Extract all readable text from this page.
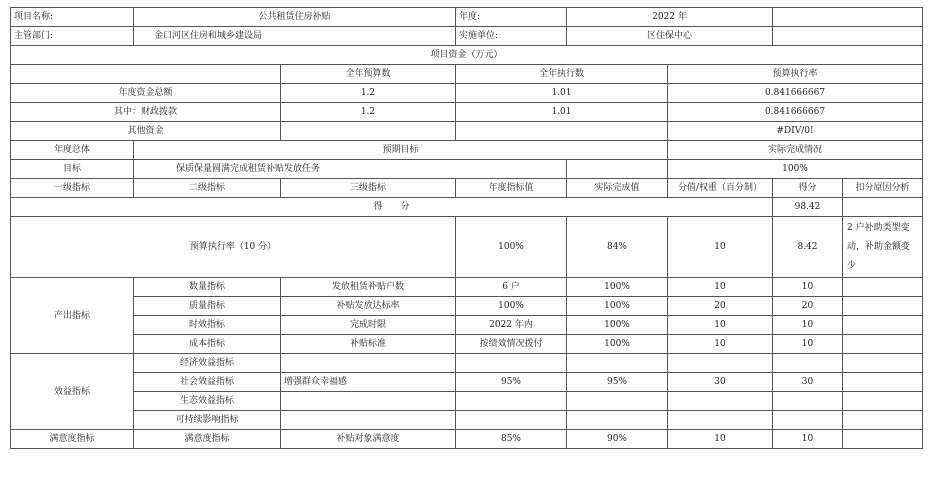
项目名称:	公共租赁住房补贴		年度:	2022 年			
主管部门:	金口河区住房和城乡建设局		实施单位:	区住保中心			
项目资金（万元）							
		全年预算数	全年执行数		预算执行率		
年度资金总额		1.2	1.01		0.841666667		
其中：财政拨款		1.2	1.01		0.841666667		
其他资金					#DIV/0!		
年度总体	预期目标				实际完成情况		
目标	保质保量圆满完成租赁补贴发放任务				100%		
一级指标	二级指标	三级指标	年度指标值	实际完成值	分值/权重（百分制）	得分	扣分原因分析
得　　分						98.42	
预算执行率（10 分）			100%	84%	10	8.42	2 户补助类型变动，补助金额变少
产出指标	数量指标	发放租赁补贴户数	6 户	100%	10	10	
	质量指标	补贴发放达标率	100%	100%	20	20	
	时效指标	完成时限	2022 年内	100%	10	10	
	成本指标	补贴标准	按绩效情况拨付	100%	10	10	
效益指标	经济效益指标						
	社会效益指标	增强群众幸福感	95%	95%	30	30	
	生态效益指标						
	可持续影响指标						
满意度指标	满意度指标	补贴对象满意度	85%	90%	10	10	
